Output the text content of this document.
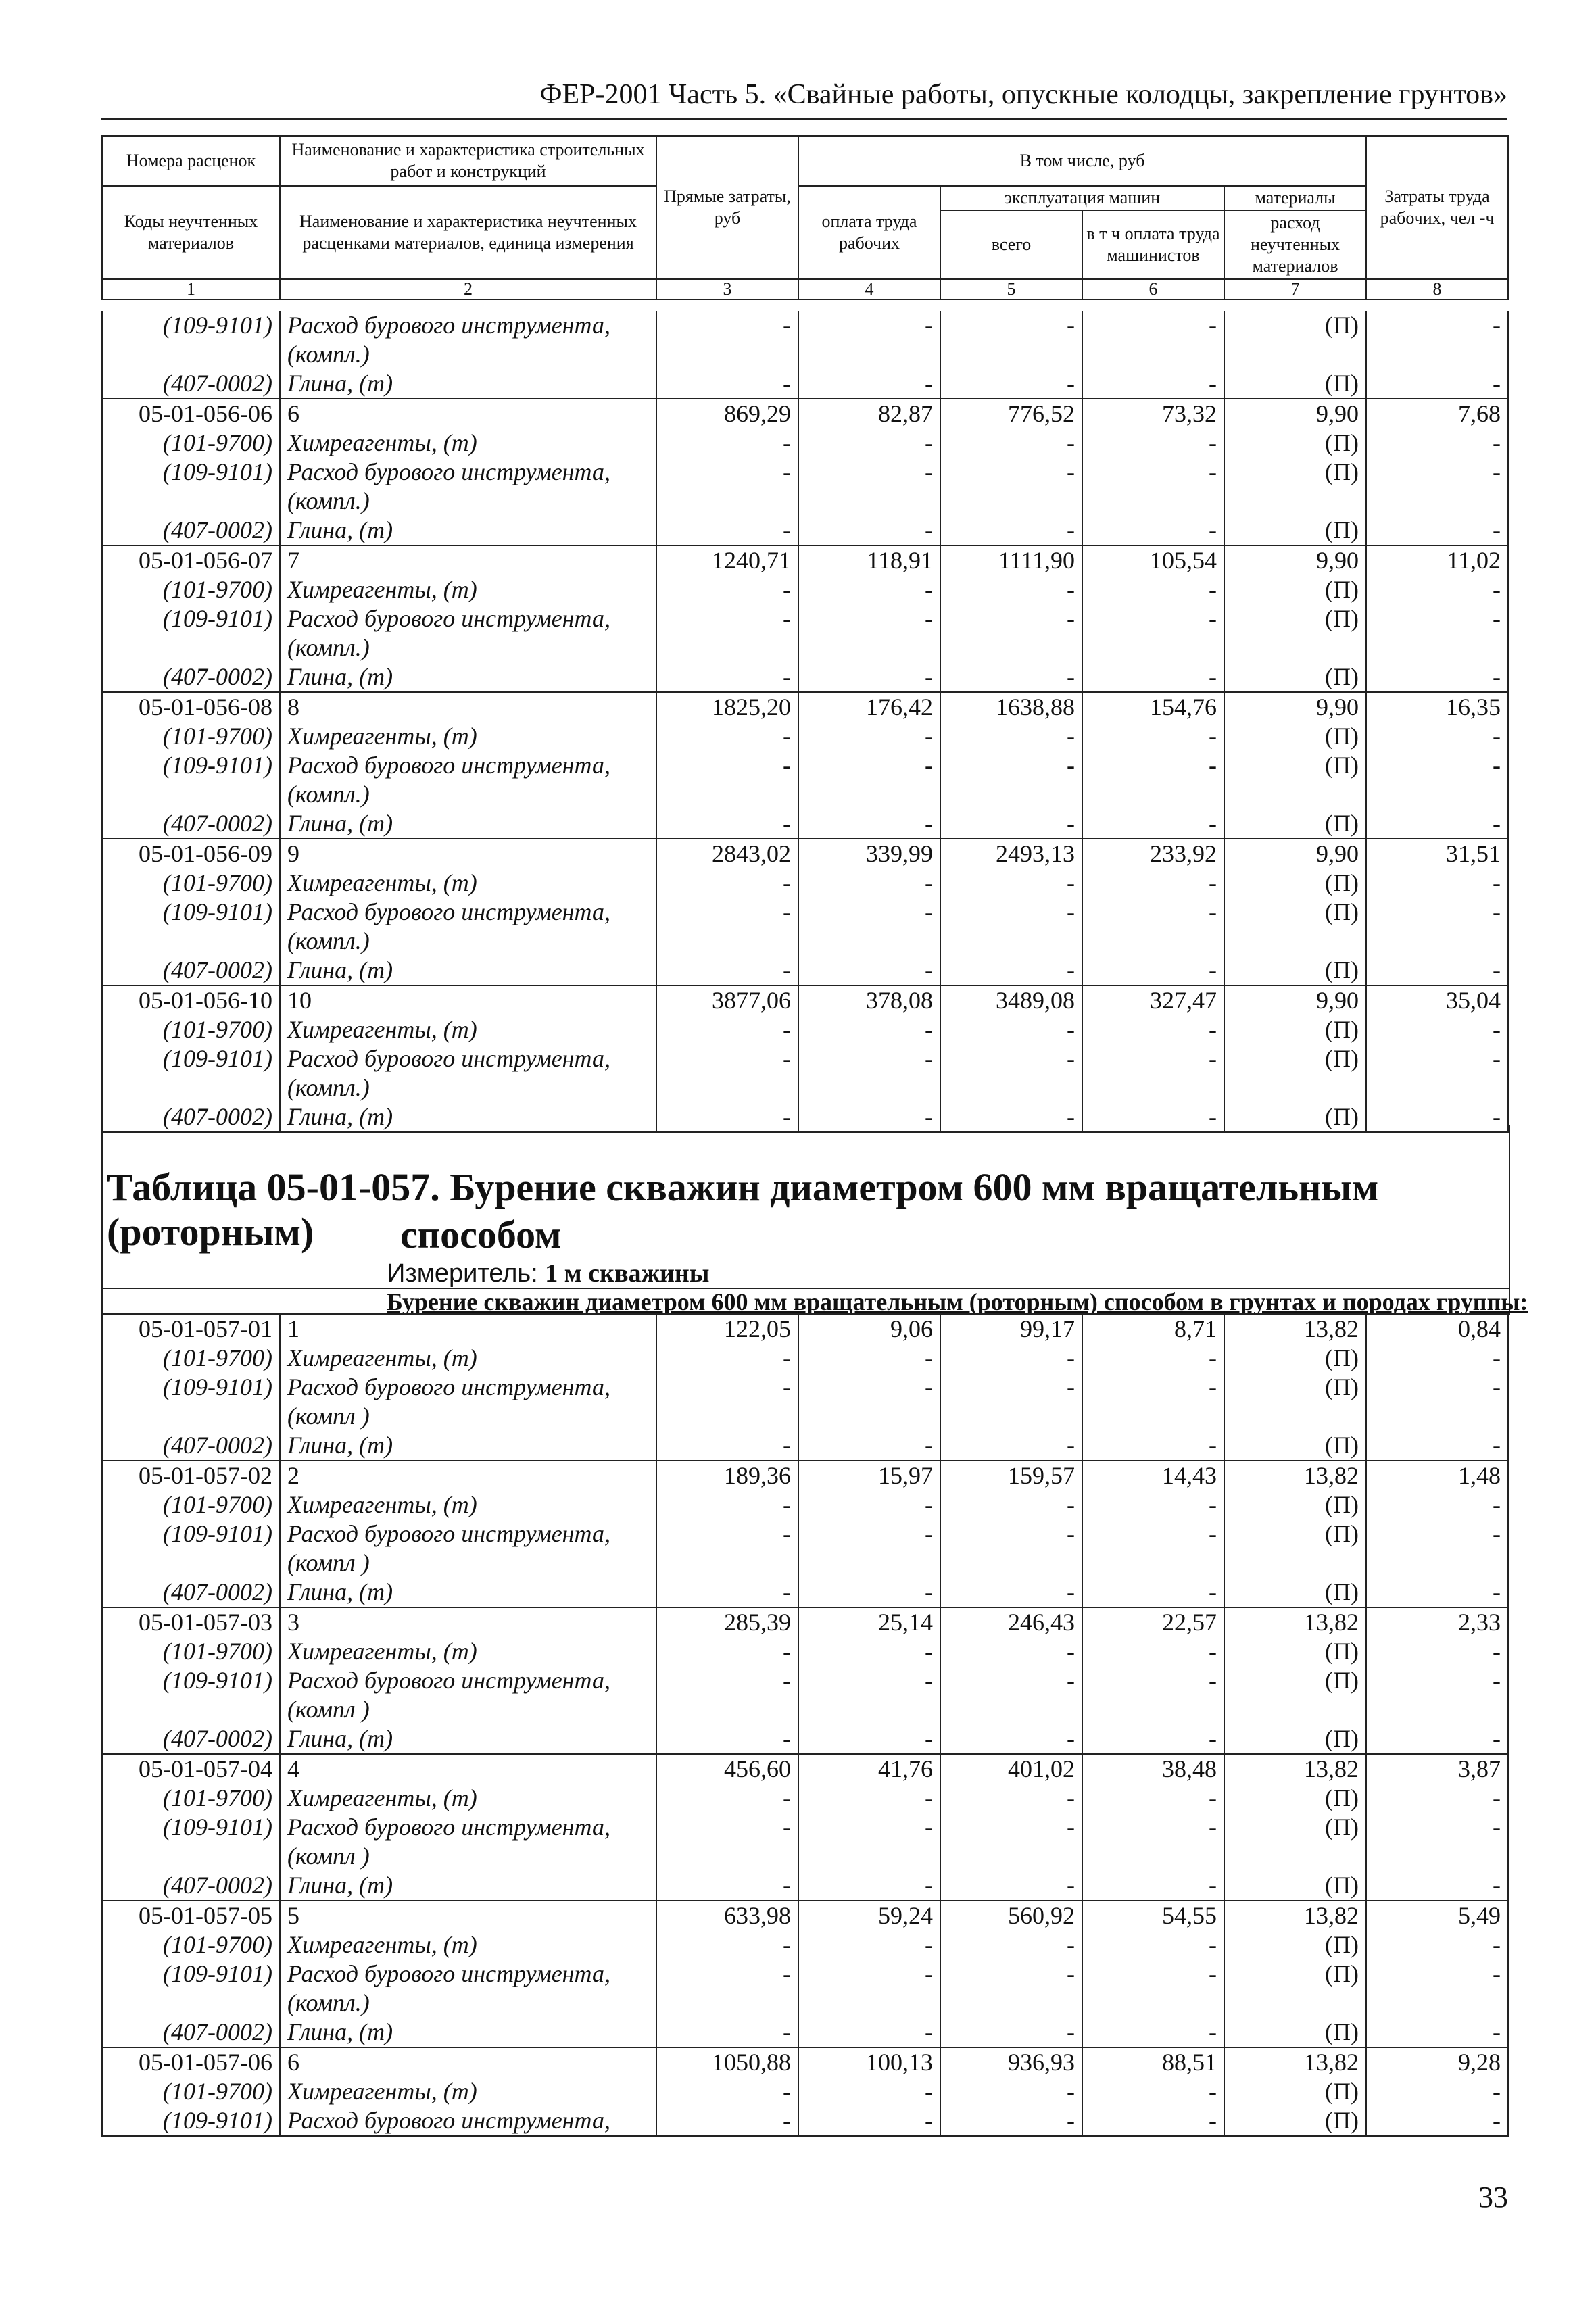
ФЕР-2001 Часть 5. «Свайные работы, опускные колодцы, закрепление грунтов»
Номера расценок	Наименование и характеристика строительных работ и конструкций	Прямые затраты, руб	В том числе, руб				Затраты труда рабочих, чел -ч
Коды неучтенных материалов	Наименование и характеристика неучтенных расценками материалов, единица измерения		оплата труда рабочих	эксплуатация машин		материалы	
				всего	в т ч оплата труда машинистов	расход неучтенных материалов	

1	2	3	4	5	6	7	8
(109-9101)	Расход бурового инструмента,	-	-	-	-	(П)	-
	(компл.)						
(407-0002)	Глина, (т)	-	-	-	-	(П)	-
05-01-056-06	6	869,29	82,87	776,52	73,32	9,90	7,68
(101-9700)	Химреагенты, (т)	-	-	-	-	(П)	-
(109-9101)	Расход бурового инструмента,	-	-	-	-	(П)	-
	(компл.)						
(407-0002)	Глина, (т)	-	-	-	-	(П)	-
05-01-056-07	7	1240,71	118,91	1111,90	105,54	9,90	11,02
(101-9700)	Химреагенты, (т)	-	-	-	-	(П)	-
(109-9101)	Расход бурового инструмента,	-	-	-	-	(П)	-
	(компл.)						
(407-0002)	Глина, (т)	-	-	-	-	(П)	-
05-01-056-08	8	1825,20	176,42	1638,88	154,76	9,90	16,35
(101-9700)	Химреагенты, (т)	-	-	-	-	(П)	-
(109-9101)	Расход бурового инструмента,	-	-	-	-	(П)	-
	(компл.)						
(407-0002)	Глина, (т)	-	-	-	-	(П)	-
05-01-056-09	9	2843,02	339,99	2493,13	233,92	9,90	31,51
(101-9700)	Химреагенты, (т)	-	-	-	-	(П)	-
(109-9101)	Расход бурового инструмента,	-	-	-	-	(П)	-
	(компл.)						
(407-0002)	Глина, (т)	-	-	-	-	(П)	-
05-01-056-10	10	3877,06	378,08	3489,08	327,47	9,90	35,04
(101-9700)	Химреагенты, (т)	-	-	-	-	(П)	-
(109-9101)	Расход бурового инструмента,	-	-	-	-	(П)	-
	(компл.)						
(407-0002)	Глина, (т)	-	-	-	-	(П)	-
Таблица 05-01-057. Бурение скважин диаметром 600 мм вращательным (роторным)	способом
Измеритель: 1 м скважины
Бурение скважин диаметром 600 мм вращательным (роторным) способом в грунтах и породах группы:
05-01-057-01	1	122,05	9,06	99,17	8,71	13,82	0,84
(101-9700)	Химреагенты, (т)	-	-	-	-	(П)	-
(109-9101)	Расход бурового инструмента,	-	-	-	-	(П)	-
	(компл )						
(407-0002)	Глина, (т)	-	-	-	-	(П)	-
05-01-057-02	2	189,36	15,97	159,57	14,43	13,82	1,48
(101-9700)	Химреагенты, (т)	-	-	-	-	(П)	-
(109-9101)	Расход бурового инструмента,	-	-	-	-	(П)	-
	(компл )						
(407-0002)	Глина, (т)	-	-	-	-	(П)	-
05-01-057-03	3	285,39	25,14	246,43	22,57	13,82	2,33
(101-9700)	Химреагенты, (т)	-	-	-	-	(П)	-
(109-9101)	Расход бурового инструмента,	-	-	-	-	(П)	-
	(компл )						
(407-0002)	Глина, (т)	-	-	-	-	(П)	-
05-01-057-04	4	456,60	41,76	401,02	38,48	13,82	3,87
(101-9700)	Химреагенты, (т)	-	-	-	-	(П)	-
(109-9101)	Расход бурового инструмента,	-	-	-	-	(П)	-
	(компл )						
(407-0002)	Глина, (т)	-	-	-	-	(П)	-
05-01-057-05	5	633,98	59,24	560,92	54,55	13,82	5,49
(101-9700)	Химреагенты, (т)	-	-	-	-	(П)	-
(109-9101)	Расход бурового инструмента,	-	-	-	-	(П)	-
	(компл.)						
(407-0002)	Глина, (т)	-	-	-	-	(П)	-
05-01-057-06	6	1050,88	100,13	936,93	88,51	13,82	9,28
(101-9700)	Химреагенты, (т)	-	-	-	-	(П)	-
(109-9101)	Расход бурового инструмента,	-	-	-	-	(П)	-
33
